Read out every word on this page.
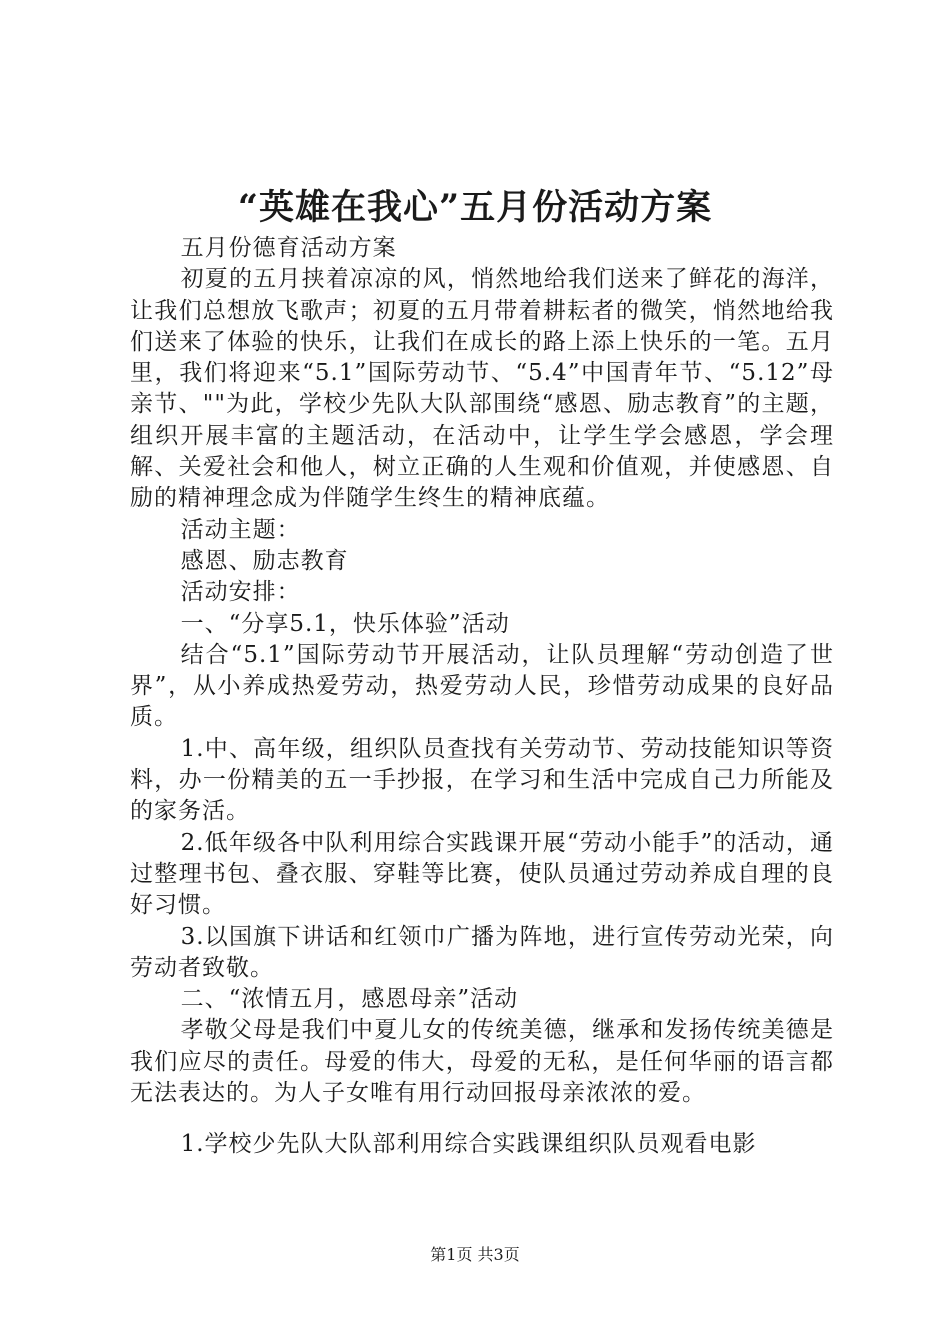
“英雄在我心”五月份活动方案

五月份德育活动方案

初夏的五月挟着凉凉的风，悄然地给我们送来了鲜花的海洋，让我们总想放飞歌声；初夏的五月带着耕耘者的微笑，悄然地给我们送来了体验的快乐，让我们在成长的路上添上快乐的一笔。五月里，我们将迎来“5.1”国际劳动节、“5.4”中国青年节、“5.12”母亲节、""为此，学校少先队大队部围绕“感恩、励志教育”的主题，组织开展丰富的主题活动，在活动中，让学生学会感恩，学会理解、关爱社会和他人，树立正确的人生观和价值观，并使感恩、自励的精神理念成为伴随学生终生的精神底蕴。

活动主题：

感恩、励志教育

活动安排：

一、“分享5.1，快乐体验”活动

结合“5.1”国际劳动节开展活动，让队员理解“劳动创造了世界”，从小养成热爱劳动，热爱劳动人民，珍惜劳动成果的良好品质。

1.中、高年级，组织队员查找有关劳动节、劳动技能知识等资料，办一份精美的五一手抄报，在学习和生活中完成自己力所能及的家务活。

2.低年级各中队利用综合实践课开展“劳动小能手”的活动，通过整理书包、叠衣服、穿鞋等比赛，使队员通过劳动养成自理的良好习惯。

3.以国旗下讲话和红领巾广播为阵地，进行宣传劳动光荣，向劳动者致敬。

二、“浓情五月，感恩母亲”活动

孝敬父母是我们中夏儿女的传统美德，继承和发扬传统美德是我们应尽的责任。母爱的伟大，母爱的无私，是任何华丽的语言都无法表达的。为人子女唯有用行动回报母亲浓浓的爱。

1.学校少先队大队部利用综合实践课组织队员观看电影

第1页 共3页
